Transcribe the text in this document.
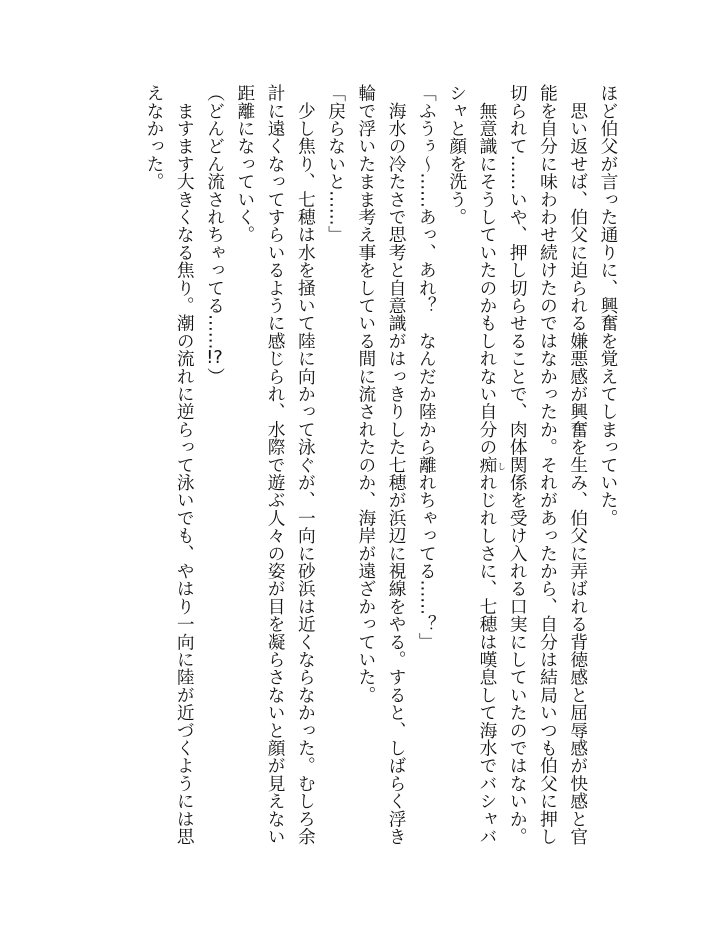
ほど伯父が言った通りに、興奮を覚えてしまっていた。
　思い返せば、伯父に迫られる嫌悪感が興奮を生み、伯父に弄ばれる背徳感と屈辱感が快感と官
能を自分に味わわせ続けたのではなかったか。それがあったから、自分は結局いつも伯父に押し
切られて……いや、押し切らせることで、肉体関係を受け入れる口実にしていたのではないか。
　無意識にそうしていたのかもしれない自分の痴れじれしさに、七穂は嘆息して海水でバシャバ
し
シャと顔を洗う。
「ふうぅ～……あっ、あれ？　なんだか陸から離れちゃってる……？」
　海水の冷たさで思考と自意識がはっきりした七穂が浜辺に視線をやる。すると、しばらく浮き
輪で浮いたまま考え事をしている間に流されたのか、海岸が遠ざかっていた。
「戻らないと……」
　少し焦り、七穂は水を掻いて陸に向かって泳ぐが、一向に砂浜は近くならなかった。むしろ余
計に遠くなってすらいるように感じられ、水際で遊ぶ人々の姿が目を凝らさないと顔が見えない
距離になっていく。
（どんどん流されちゃってる……!?）
　ますます大きくなる焦り。潮の流れに逆らって泳いでも、やはり一向に陸が近づくようには思
えなかった。
